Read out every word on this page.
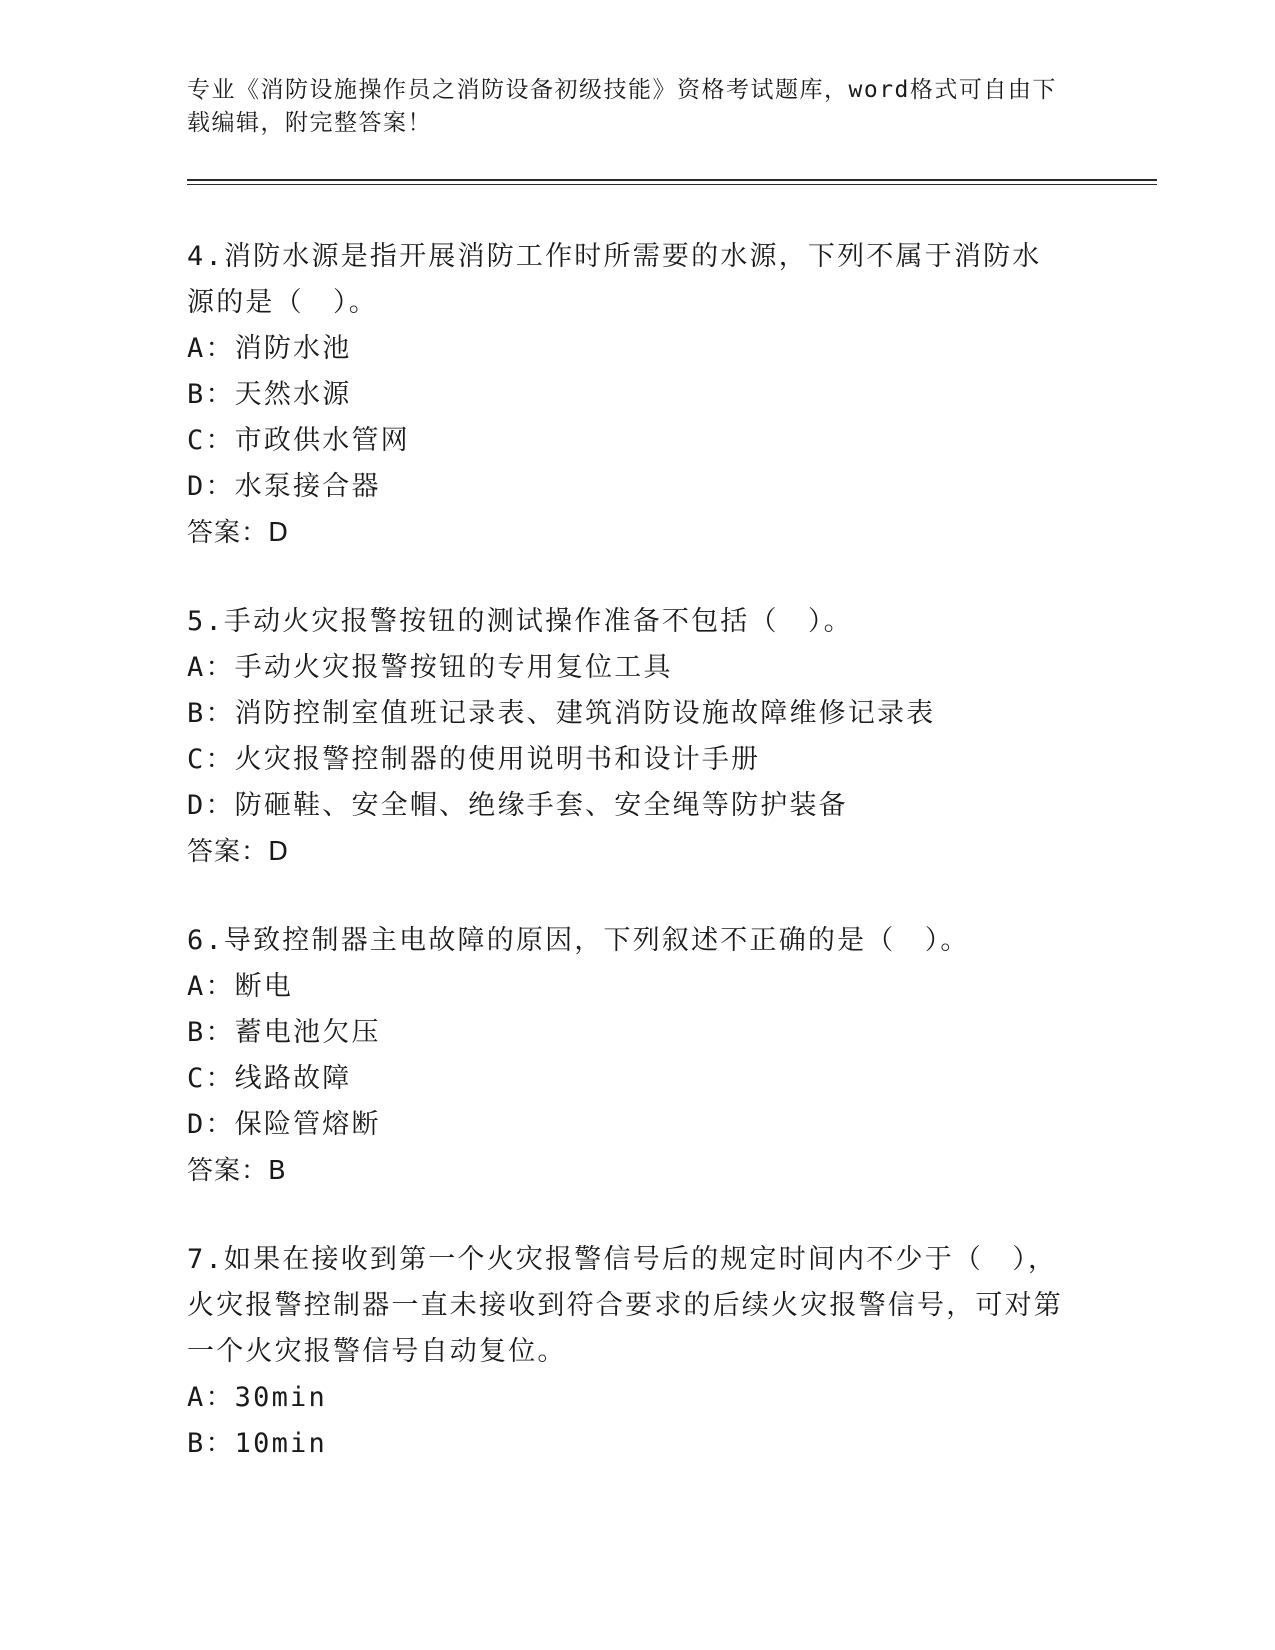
专业《消防设施操作员之消防设备初级技能》资格考试题库，word格式可自由下载编辑，附完整答案！
4.消防水源是指开展消防工作时所需要的水源，下列不属于消防水源的是（　）。
A：消防水池
B：天然水源
C：市政供水管网
D：水泵接合器
答案：D
5.手动火灾报警按钮的测试操作准备不包括（　）。
A：手动火灾报警按钮的专用复位工具
B：消防控制室值班记录表、建筑消防设施故障维修记录表
C：火灾报警控制器的使用说明书和设计手册
D：防砸鞋、安全帽、绝缘手套、安全绳等防护装备
答案：D
6.导致控制器主电故障的原因，下列叙述不正确的是（　）。
A：断电
B：蓄电池欠压
C：线路故障
D：保险管熔断
答案：B
7.如果在接收到第一个火灾报警信号后的规定时间内不少于（　），火灾报警控制器一直未接收到符合要求的后续火灾报警信号，可对第一个火灾报警信号自动复位。
A：30min
B：10min
